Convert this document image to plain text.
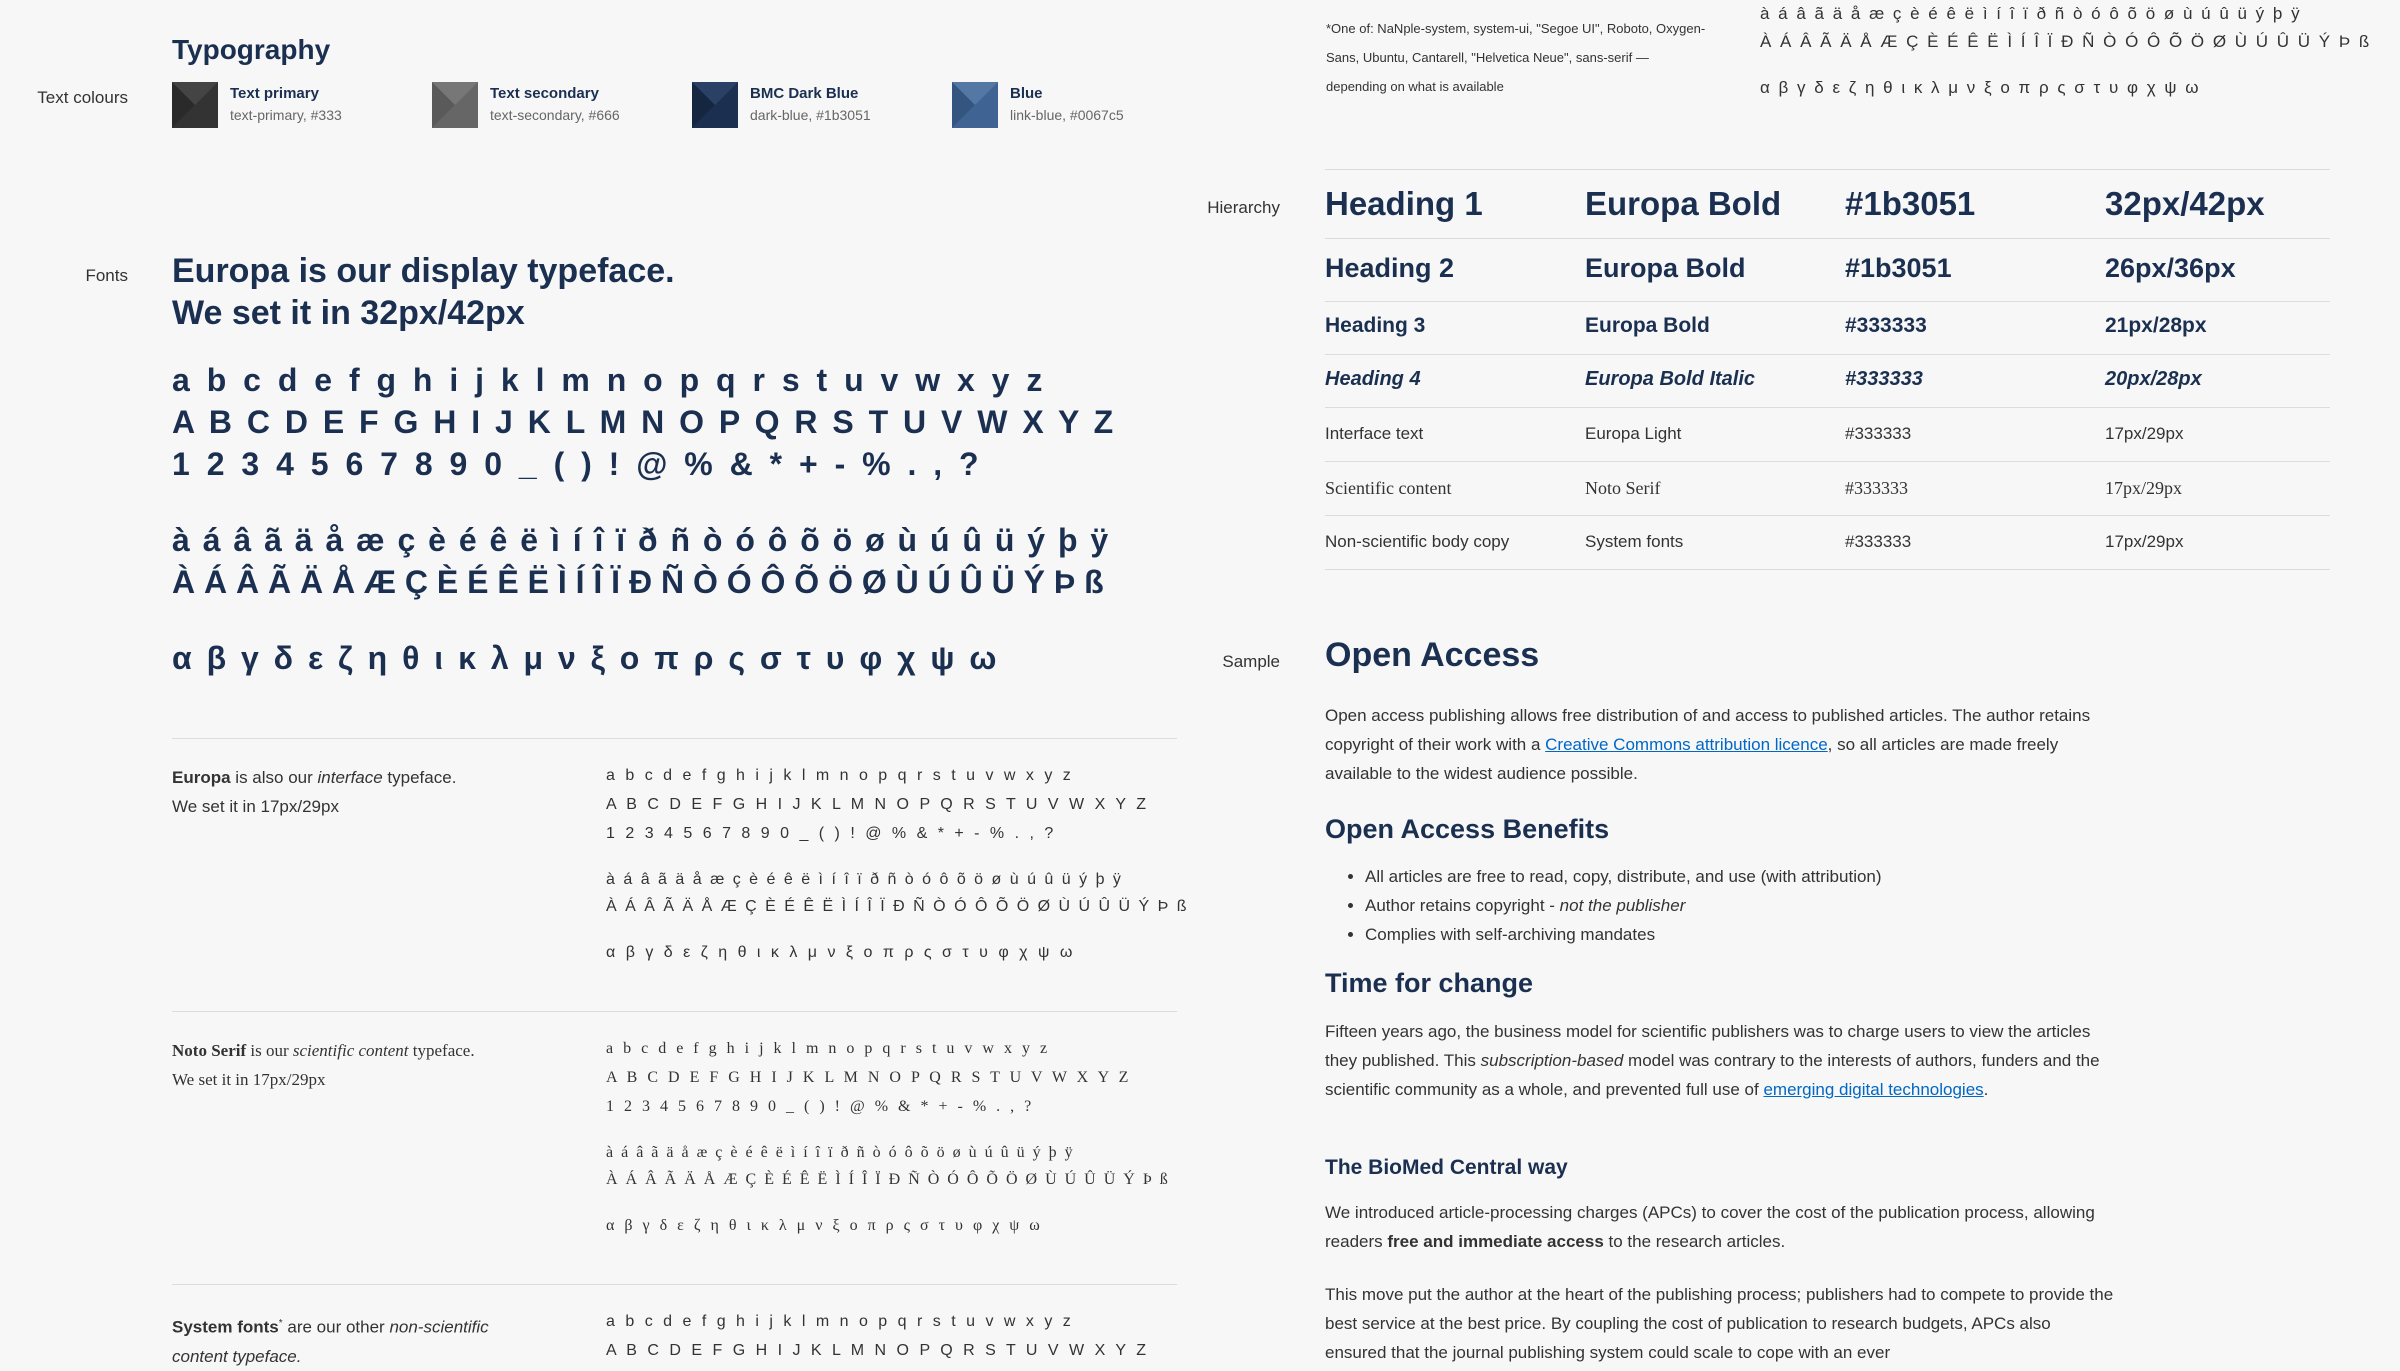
Typography
Text colours	Text primary
text-primary, #333
Text secondary
text-secondary, #666
BMC Dark Blue
dark-blue, #1b3051
Blue
link-blue, #0067c5
Fonts Europa is our display typeface.
We set it in 32px/42px
a b c d e f g h i j k l m n o p q r s t u v w x y z
A B C D E F G H I J K L M N O P Q R S T U V W X Y Z
1 2 3 4 5 6 7 8 9 0 _ ( ) ! @ % & * + - % . , ?
à á â ã ä å æ ç è é ê ë ì í î ï ð ñ ò ó ô õ ö ø ù ú û ü ý þ ÿ
À Á Â Ã Ä Å Æ Ç È É Ê Ë Ì Í Î Ï Ð Ñ Ò Ó Ô Õ Ö Ø Ù Ú Û Ü Ý Þ ß
α β γ δ ε ζ η θ ι κ λ μ ν ξ ο π ρ ς σ τ υ φ χ ψ ω
Europa is also our interface typeface.
We set it in 17px/29px
a b c d e f g h i j k l m n o p q r s t u v w x y z
A B C D E F G H I J K L M N O P Q R S T U V W X Y Z
1 2 3 4 5 6 7 8 9 0 _ ( ) ! @ % & * + - % . , ?
à á â ã ä å æ ç è é ê ë ì í î ï ð ñ ò ó ô õ ö ø ù ú û ü ý þ ÿ
À Á Â Ã Ä Å Æ Ç È É Ê Ë Ì Í Î Ï Ð Ñ Ò Ó Ô Õ Ö Ø Ù Ú Û Ü Ý Þ ß
α β γ δ ε ζ η θ ι κ λ μ ν ξ ο π ρ ς σ τ υ φ χ ψ ω
Noto Serif is our scientific content typeface.
We set it in 17px/29px
a b c d e f g h i j k l m n o p q r s t u v w x y z
A B C D E F G H I J K L M N O P Q R S T U V W X Y Z
1 2 3 4 5 6 7 8 9 0 _ ( ) ! @ % & * + - % . , ?
à á â ã ä å æ ç è é ê ë ì í î ï ð ñ ò ó ô õ ö ø ù ú û ü ý þ ÿ
À Á Â Ã Ä Å Æ Ç È É Ê Ë Ì Í Î Ï Ð Ñ Ò Ó Ô Õ Ö Ø Ù Ú Û Ü Ý Þ ß
α β γ δ ε ζ η θ ι κ λ μ ν ξ ο π ρ ς σ τ υ φ χ ψ ω
System fonts* are our other non-scientific
content typeface.
a b c d e f g h i j k l m n o p q r s t u v w x y z
A B C D E F G H I J K L M N O P Q R S T U V W X Y Z
*One of: NaNple-system, system-ui, "Segoe UI", Roboto, Oxygen-Sans, Ubuntu, Cantarell, "Helvetica Neue", sans-serif — depending on what is available
à á â ã ä å æ ç è é ê ë ì í î ï ð ñ ò ó ô õ ö ø ù ú û ü ý þ ÿ
À Á Â Ã Ä Å Æ Ç È É Ê Ë Ì Í Î Ï Ð Ñ Ò Ó Ô Õ Ö Ø Ù Ú Û Ü Ý Þ ß
α β γ δ ε ζ η θ ι κ λ μ ν ξ ο π ρ ς σ τ υ φ χ ψ ω
Hierarchy Heading 1	Europa Bold #1b3051	32px/42px
Heading 2	Europa Bold	#1b3051	26px/36px
Heading 3	Europa Bold	#333333	21px/28px
Heading 4	Europa Bold Italic	#333333	20px/28px
Interface text	Europa Light	#333333	17px/29px
Scientific content	Noto Serif	#333333	17px/29px
Non-scientific body copy	System fonts	#333333	17px/29px
Sample Open Access
Open access publishing allows free distribution of and access to published articles. The author retains copyright of their work with a Creative Commons attribution licence, so all articles are made freely available to the widest audience possible.
Open Access Benefits
• All articles are free to read, copy, distribute, and use (with attribution)
• Author retains copyright - not the publisher
• Complies with self-archiving mandates
Time for change
Fifteen years ago, the business model for scientific publishers was to charge users to view the articles they published. This subscription-based model was contrary to the interests of authors, funders and the scientific community as a whole, and prevented full use of emerging digital technologies.
The BioMed Central way
We introduced article-processing charges (APCs) to cover the cost of the publication process, allowing readers free and immediate access to the research articles.
This move put the author at the heart of the publishing process; publishers had to compete to provide the best service at the best price. By coupling the cost of publication to research budgets, APCs also ensured that the journal publishing system could scale to cope with an ever
